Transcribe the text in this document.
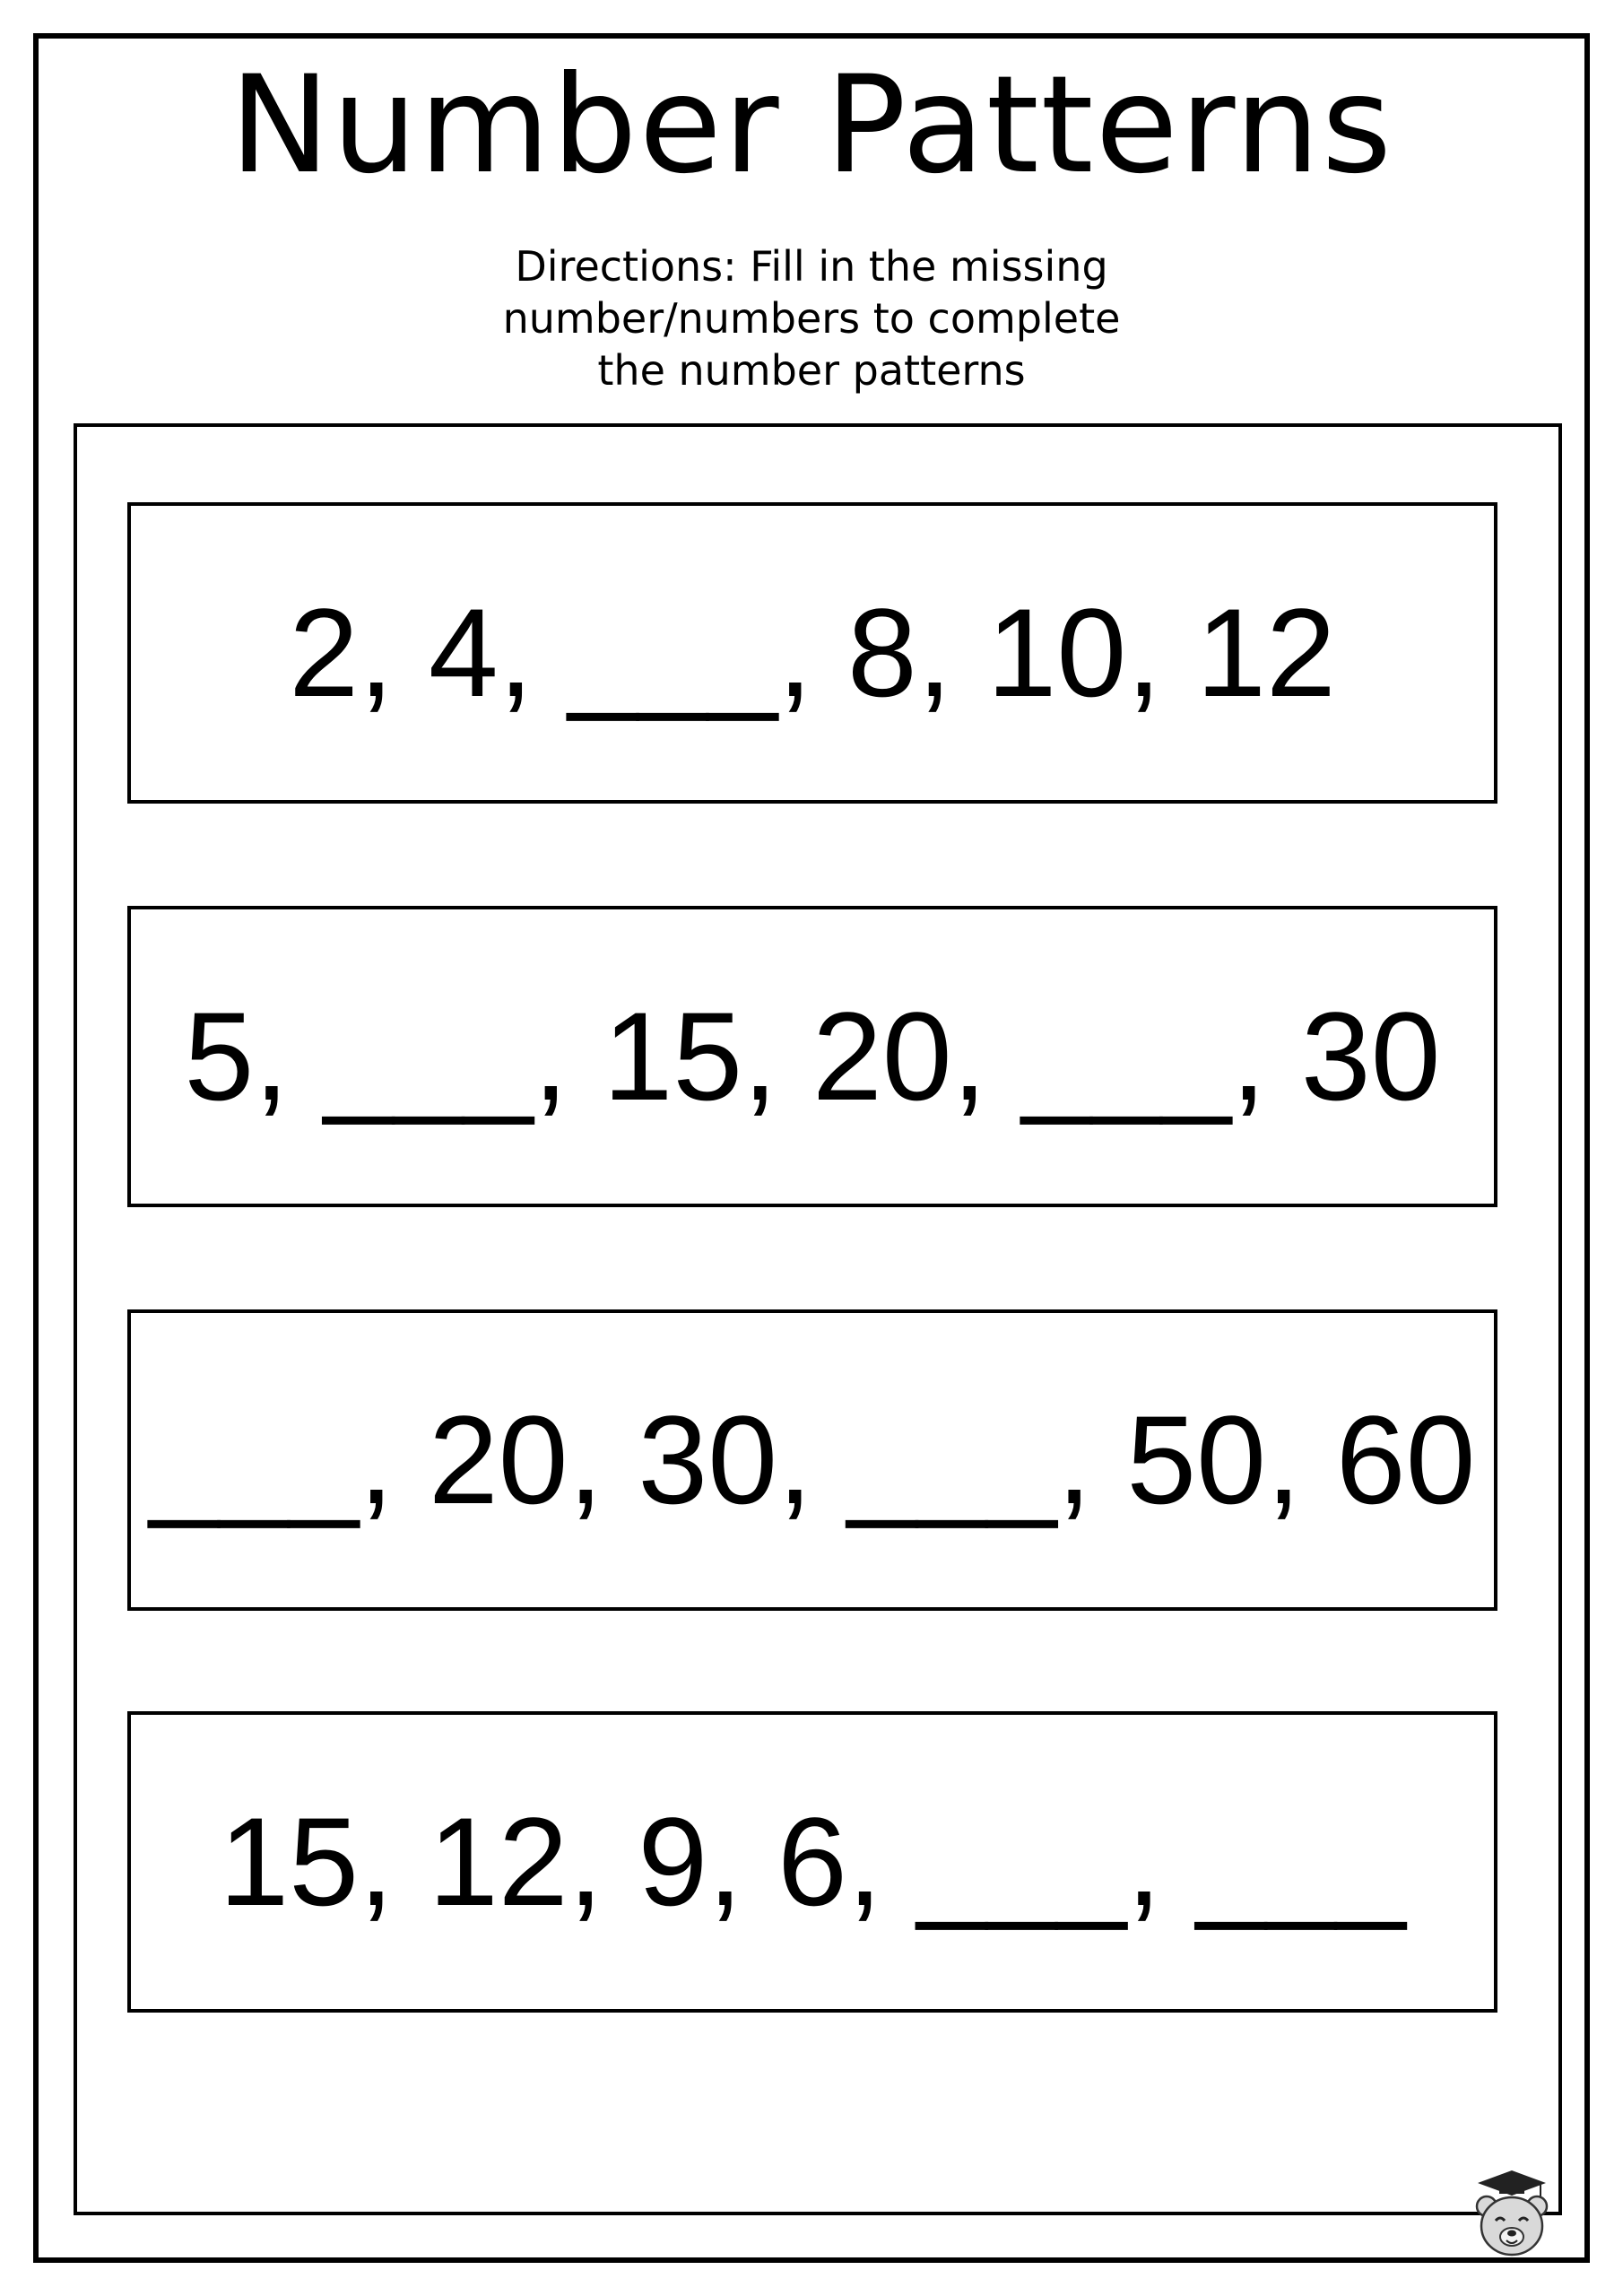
Number Patterns
Directions: Fill in the missing
number/numbers to complete
the number patterns
2, 4, ___, 8, 10, 12
5, ___, 15, 20, ___, 30
___, 20, 30, ___, 50, 60
15, 12, 9, 6, ___, ___
